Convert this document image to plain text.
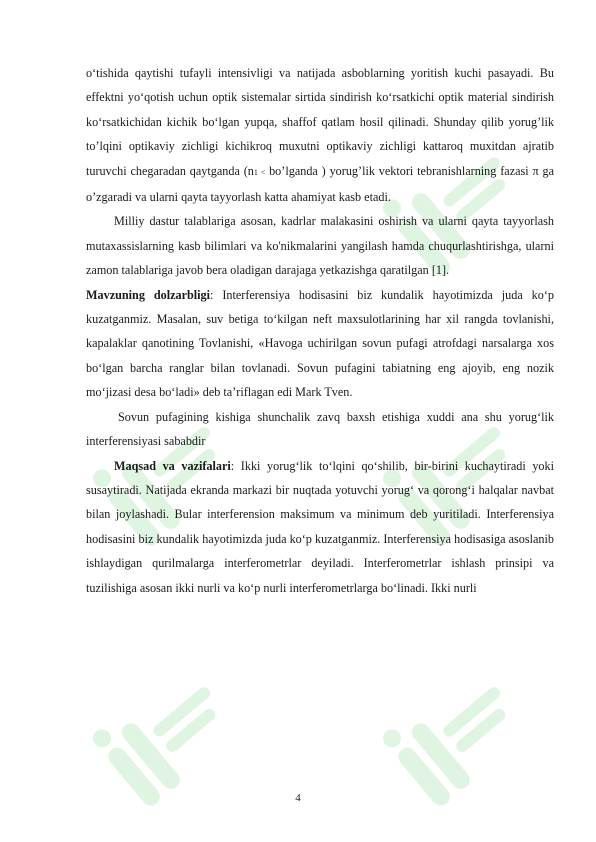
o‘tishida qaytishi tufayli intensivligi va natijada asboblarning yoritish kuchi pasayadi. Bu effektni yo‘qotish uchun optik sistemalar sirtida sindirish ko‘rsatkichi optik material sindirish ko‘rsatkichidan kichik bo‘lgan yupqa, shaffof qatlam hosil qilinadi. Shunday qilib yorug’lik to’lqini optikaviy zichligi kichikroq muxutni optikaviy zichligi kattaroq muxitdan ajratib turuvchi chegaradan qaytganda (n1 < bo’lganda ) yorug’lik vektori tebranishlarning fazasi π ga o’zgaradi va ularni qayta tayyorlash katta ahamiyat kasb etadi.

Milliy dastur talablariga asosan, kadrlar malakasini oshirish va ularni qayta tayyorlash mutaxassislarning kasb bilimlari va ko'nikmalarini yangilash hamda chuqurlashtirishga, ularni zamon talablariga javob bera oladigan darajaga yetkazishga qaratilgan [1].

Mavzuning dolzarbligi: Interferensiya hodisasini biz kundalik hayotimizda juda ko‘p kuzatganmiz. Masalan, suv betiga to‘kilgan neft maxsulotlarining har xil rangda tovlanishi, kapalaklar qanotining Tovlanishi, «Havoga uchirilgan sovun pufagi atrofdagi narsalarga xos bo‘lgan barcha ranglar bilan tovlanadi. Sovun pufagini tabiatning eng ajoyib, eng nozik mo‘jizasi desa bo‘ladi» deb ta’riflagan edi Mark Tven.

Sovun pufagining kishiga shunchalik zavq baxsh etishiga xuddi ana shu yorug‘lik interferensiyasi sababdir

Maqsad va vazifalari: Ikki yorug‘lik to‘lqini qo‘shilib, bir-birini kuchaytiradi yoki susaytiradi. Natijada ekranda markazi bir nuqtada yotuvchi yorug‘ va qorong‘i halqalar navbat bilan joylashadi. Bular interferension maksimum va minimum deb yuritiladi. Interferensiya hodisasini biz kundalik hayotimizda juda ko‘p kuzatganmiz. Interferensiya hodisasiga asoslanib ishlaydigan qurilmalarga interferometrlar deyiladi. Interferometrlar ishlash prinsipi va tuzilishiga asosan ikki nurli va ko‘p nurli interferometrlarga bo‘linadi. Ikki nurli

4
